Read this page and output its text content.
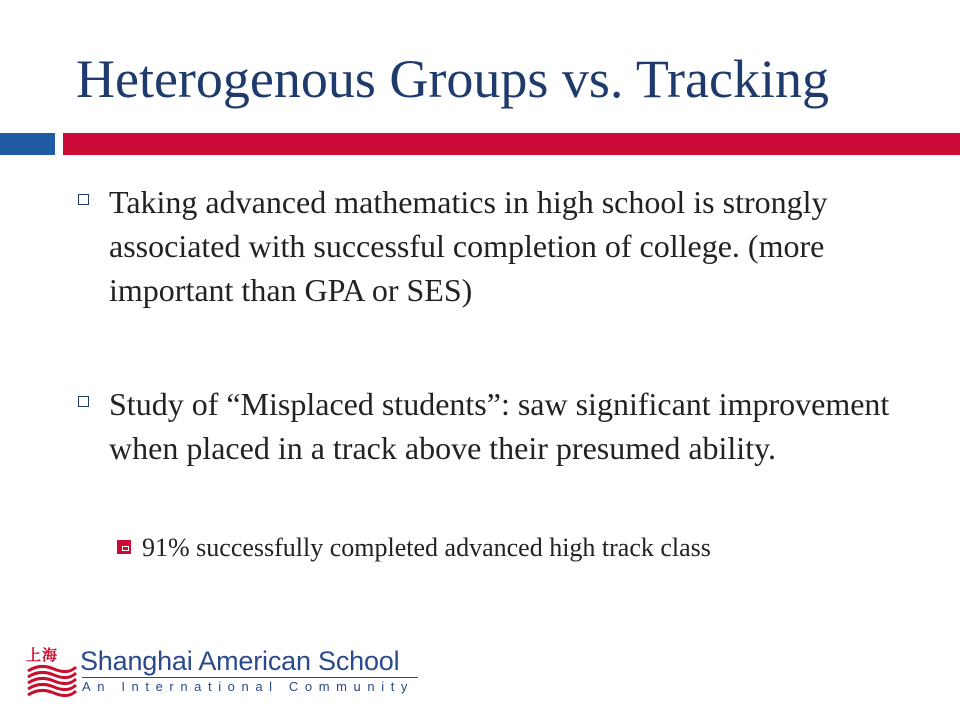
Heterogenous Groups vs. Tracking
Taking advanced mathematics in high school is strongly associated with successful completion of college. (more important than GPA or SES)
Study of “Misplaced students”: saw significant improvement when placed in a track above their presumed ability.
91% successfully completed advanced high track class
上海 Shanghai American School
An International Community
